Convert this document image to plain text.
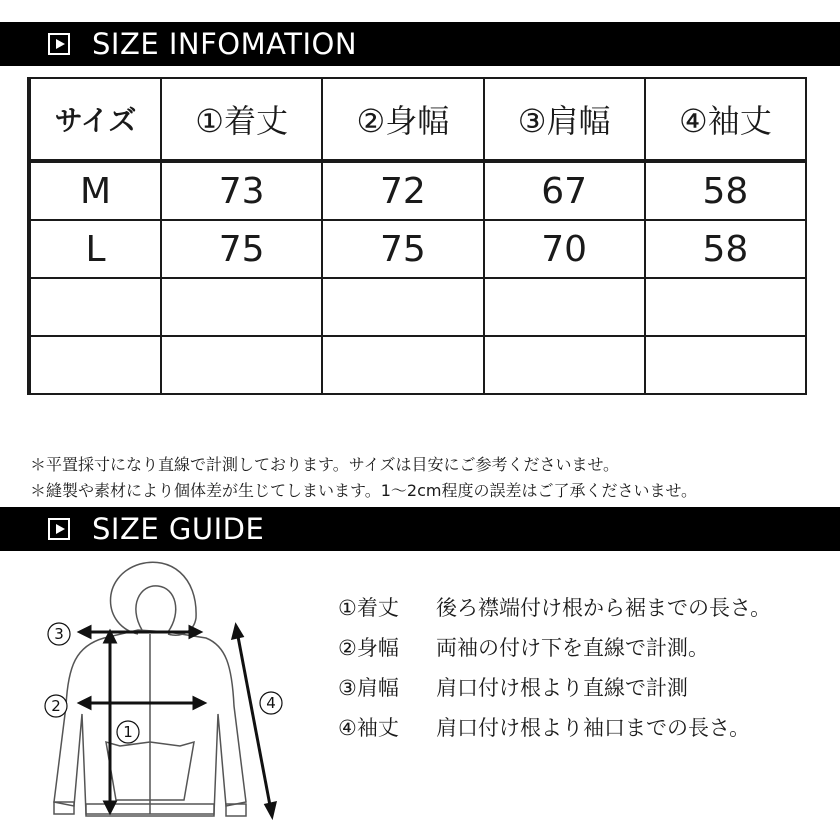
SIZE INFOMATION
サイズ	①着丈	②身幅	③肩幅	④袖丈
M	73	72	67	58
L	75	75	70	58

＊平置採寸になり直線で計測しております。サイズは目安にご参考くださいませ。
＊縫製や素材により個体差が生じてしまいます。1〜2cm程度の誤差はご了承くださいませ。
SIZE GUIDE
3
2
1
4
①着丈	後ろ襟端付け根から裾までの長さ。
②身幅	両袖の付け下を直線で計測。
③肩幅	肩口付け根より直線で計測
④袖丈	肩口付け根より袖口までの長さ。
